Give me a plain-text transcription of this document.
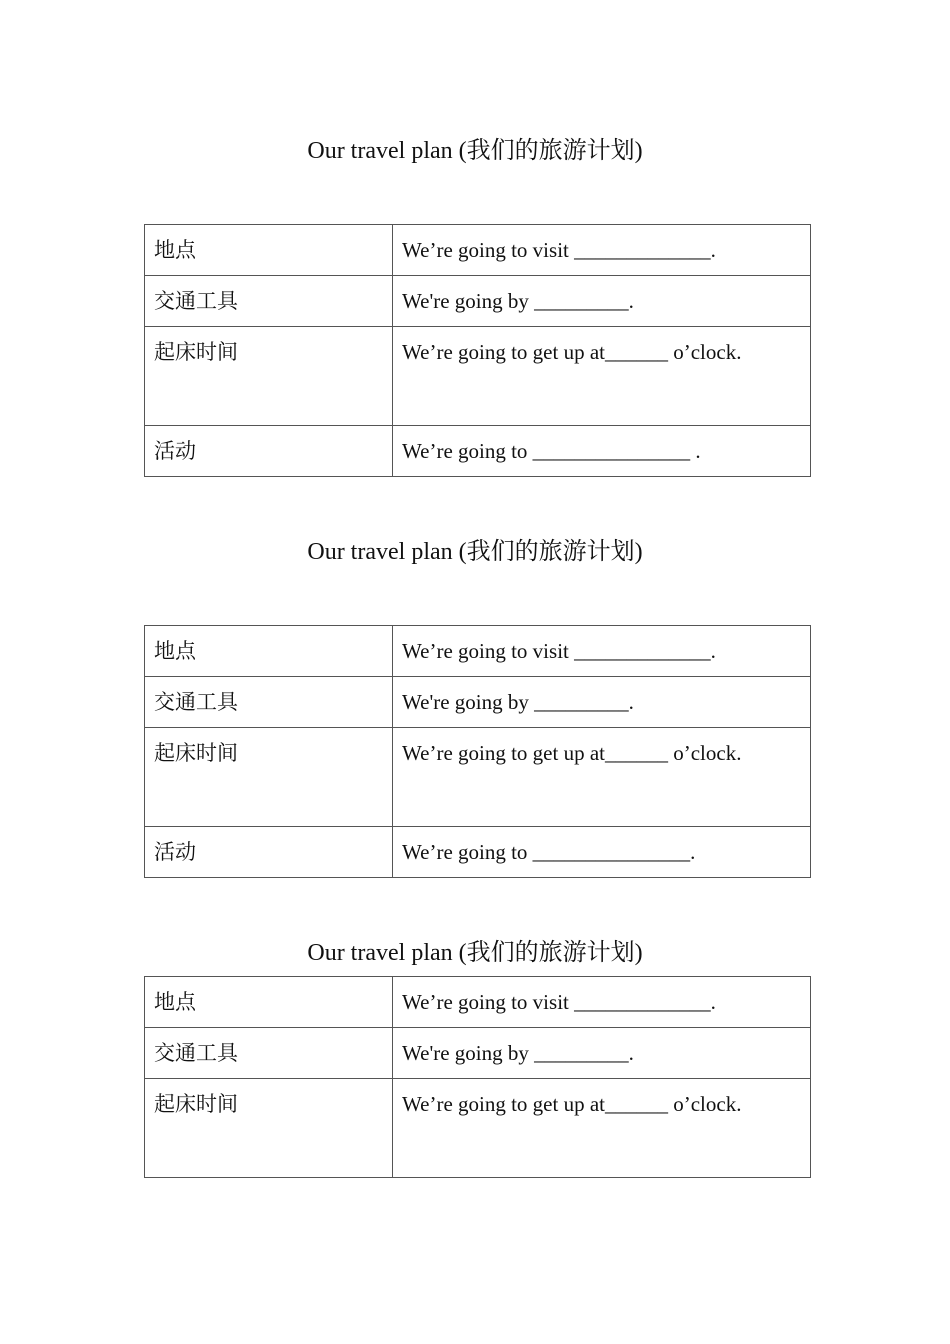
Our travel plan (我们的旅游计划)
地点	We’re going to visit _____________.
交通工具	We're going by _________.
起床时间	We’re going to get up at______ o’clock.
活动	We’re going to _______________ .
Our travel plan (我们的旅游计划)
地点	We’re going to visit _____________.
交通工具	We're going by _________.
起床时间	We’re going to get up at______ o’clock.
活动	We’re going to _______________.
Our travel plan (我们的旅游计划)
地点	We’re going to visit _____________.
交通工具	We're going by _________.
起床时间	We’re going to get up at______ o’clock.
